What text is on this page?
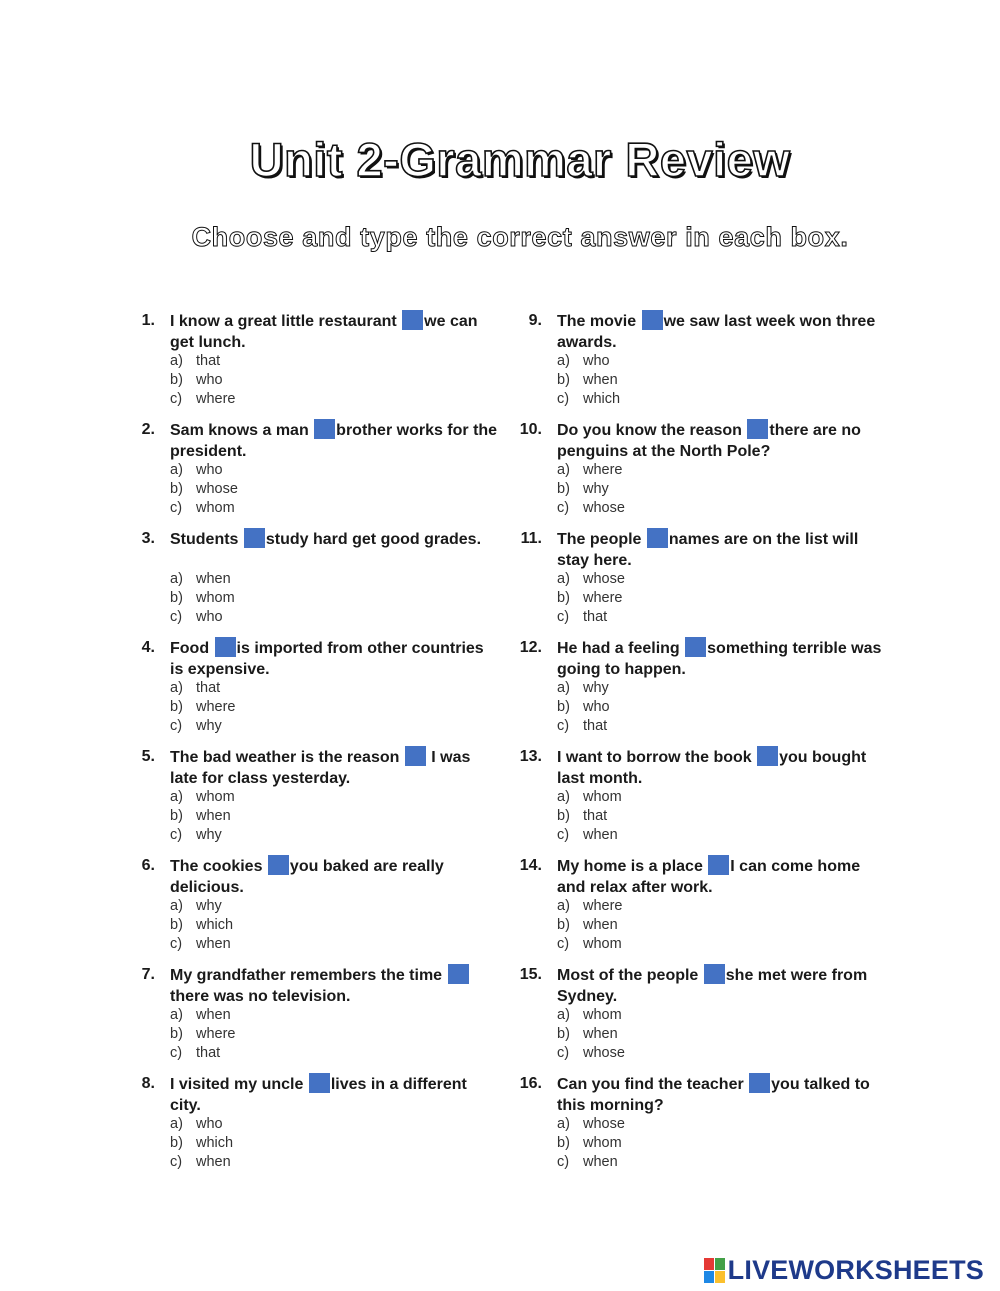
Unit 2-Grammar Review
Choose and type the correct answer in each box.
1. I know a great little restaurant we can get lunch.
a) that
b) who
c) where
2. Sam knows a man brother works for the president.
a) who
b) whose
c) whom
3. Students study hard get good grades.
a) when
b) whom
c) who
4. Food is imported from other countries is expensive.
a) that
b) where
c) why
5. The bad weather is the reason  I was late for class yesterday.
a) whom
b) when
c) why
6. The cookies you baked are really delicious.
a) why
b) which
c) when
7. My grandfather remembers the time there was no television.
a) when
b) where
c) that
8. I visited my uncle lives in a different city.
a) who
b) which
c) when
9. The movie we saw last week won three awards.
a) who
b) when
c) which
10. Do you know the reason there are no penguins at the North Pole?
a) where
b) why
c) whose
11. The people names are on the list will stay here.
a) whose
b) where
c) that
12. He had a feeling something terrible was going to happen.
a) why
b) who
c) that
13. I want to borrow the book you bought last month.
a) whom
b) that
c) when
14. My home is a place I can come home and relax after work.
a) where
b) when
c) whom
15. Most of the people she met were from Sydney.
a) whom
b) when
c) whose
16. Can you find the teacher you talked to this morning?
a) whose
b) whom
c) when
LIVEWORKSHEETS
